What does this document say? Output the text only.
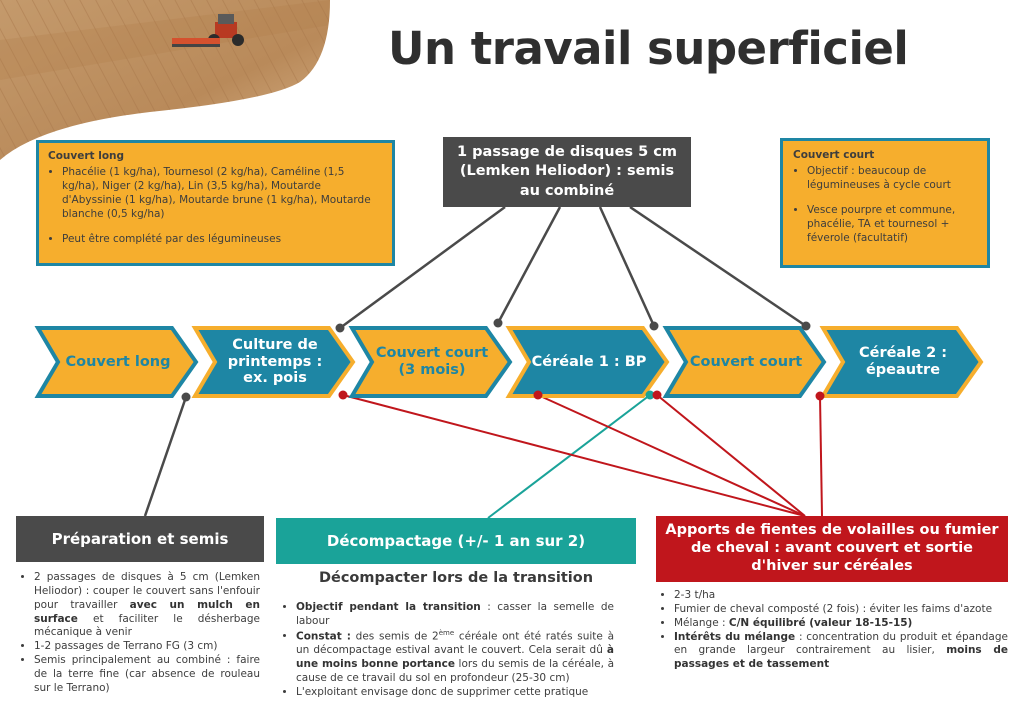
Un travail superficiel
Couvert long
Culture de printemps : ex. pois
Couvert court (3 mois)
Céréale 1 : BP	Couvert court
Céréale 2 : épeautre
Couvert long
• Phacélie (1 kg/ha), Tournesol (2 kg/ha), Caméline (1,5 kg/ha), Niger (2 kg/ha), Lin (3,5 kg/ha), Moutarde d'Abyssinie (1 kg/ha), Moutarde brune (1 kg/ha), Moutarde blanche (0,5 kg/ha)
• Peut être complété par des légumineuses
1 passage de disques 5 cm (Lemken Heliodor) : semis au combiné
Couvert court
• Objectif : beaucoup de légumineuses à cycle court
• Vesce pourpre et commune, phacélie, TA et tournesol + féverole (facultatif)
Préparation et semis
• 2 passages de disques à 5 cm (Lemken Heliodor) : couper le couvert sans l'enfouir pour travailler avec un mulch en surface et faciliter le désherbage mécanique à venir
• 1-2 passages de Terrano FG (3 cm)
• Semis principalement au combiné : faire de la terre fine (car absence de rouleau sur le Terrano)
Décompactage (+/- 1 an sur 2)
Décompacter lors de la transition
• Objectif pendant la transition : casser la semelle de labour
• Constat : des semis de 2ème céréale ont été ratés suite à un décompactage estival avant le couvert. Cela serait dû à une moins bonne portance lors du semis de la céréale, à cause de ce travail du sol en profondeur (25-30 cm)
• L'exploitant envisage donc de supprimer cette pratique
Apports de fientes de volailles ou fumier de cheval : avant couvert et sortie d'hiver sur céréales
• 2-3 t/ha
• Fumier de cheval composté (2 fois) : éviter les faims d'azote
• Mélange : C/N équilibré (valeur 18-15-15)
• Intérêts du mélange : concentration du produit et épandage en grande largeur contrairement au lisier, moins de passages et de tassement
